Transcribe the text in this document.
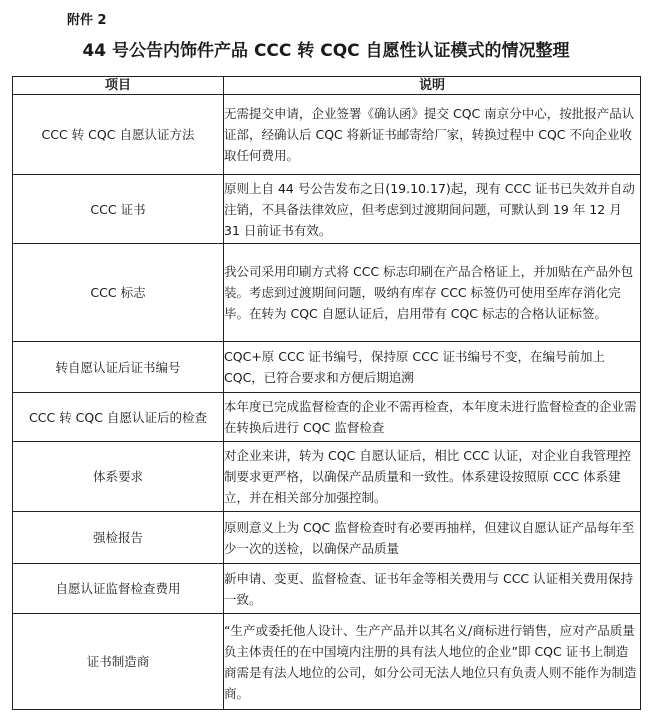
附件 2
44 号公告内饰件产品 CCC 转 CQC 自愿性认证模式的情况整理
项目	说明
CCC 转 CQC 自愿认证方法	无需提交申请，企业签署《确认函》提交 CQC 南京分中心，按批报产品认证部，经确认后 CQC 将新证书邮寄给厂家，转换过程中 CQC 不向企业收取任何费用。
CCC 证书	原则上自 44 号公告发布之日(19.10.17)起，现有 CCC 证书已失效并自动注销，不具备法律效应，但考虑到过渡期间问题，可默认到 19 年 12 月 31 日前证书有效。
CCC 标志	我公司采用印刷方式将 CCC 标志印刷在产品合格证上，并加贴在产品外包装。考虑到过渡期间问题，吸纳有库存 CCC 标签仍可使用至库存消化完毕。在转为 CQC 自愿认证后，启用带有 CQC 标志的合格认证标签。
转自愿认证后证书编号	CQC+原 CCC 证书编号，保持原 CCC 证书编号不变，在编号前加上 CQC，已符合要求和方便后期追溯
CCC 转 CQC 自愿认证后的检查	本年度已完成监督检查的企业不需再检查，本年度未进行监督检查的企业需在转换后进行 CQC 监督检查
体系要求	对企业来讲，转为 CQC 自愿认证后，相比 CCC 认证，对企业自我管理控制要求更严格，以确保产品质量和一致性。体系建设按照原 CCC 体系建立，并在相关部分加强控制。
强检报告	原则意义上为 CQC 监督检查时有必要再抽样，但建议自愿认证产品每年至少一次的送检，以确保产品质量
自愿认证监督检查费用	新申请、变更、监督检查、证书年金等相关费用与 CCC 认证相关费用保持一致。
证书制造商	“生产或委托他人设计、生产产品并以其名义/商标进行销售，应对产品质量负主体责任的在中国境内注册的具有法人地位的企业”即 CQC 证书上制造商需是有法人地位的公司，如分公司无法人地位只有负责人则不能作为制造商。
